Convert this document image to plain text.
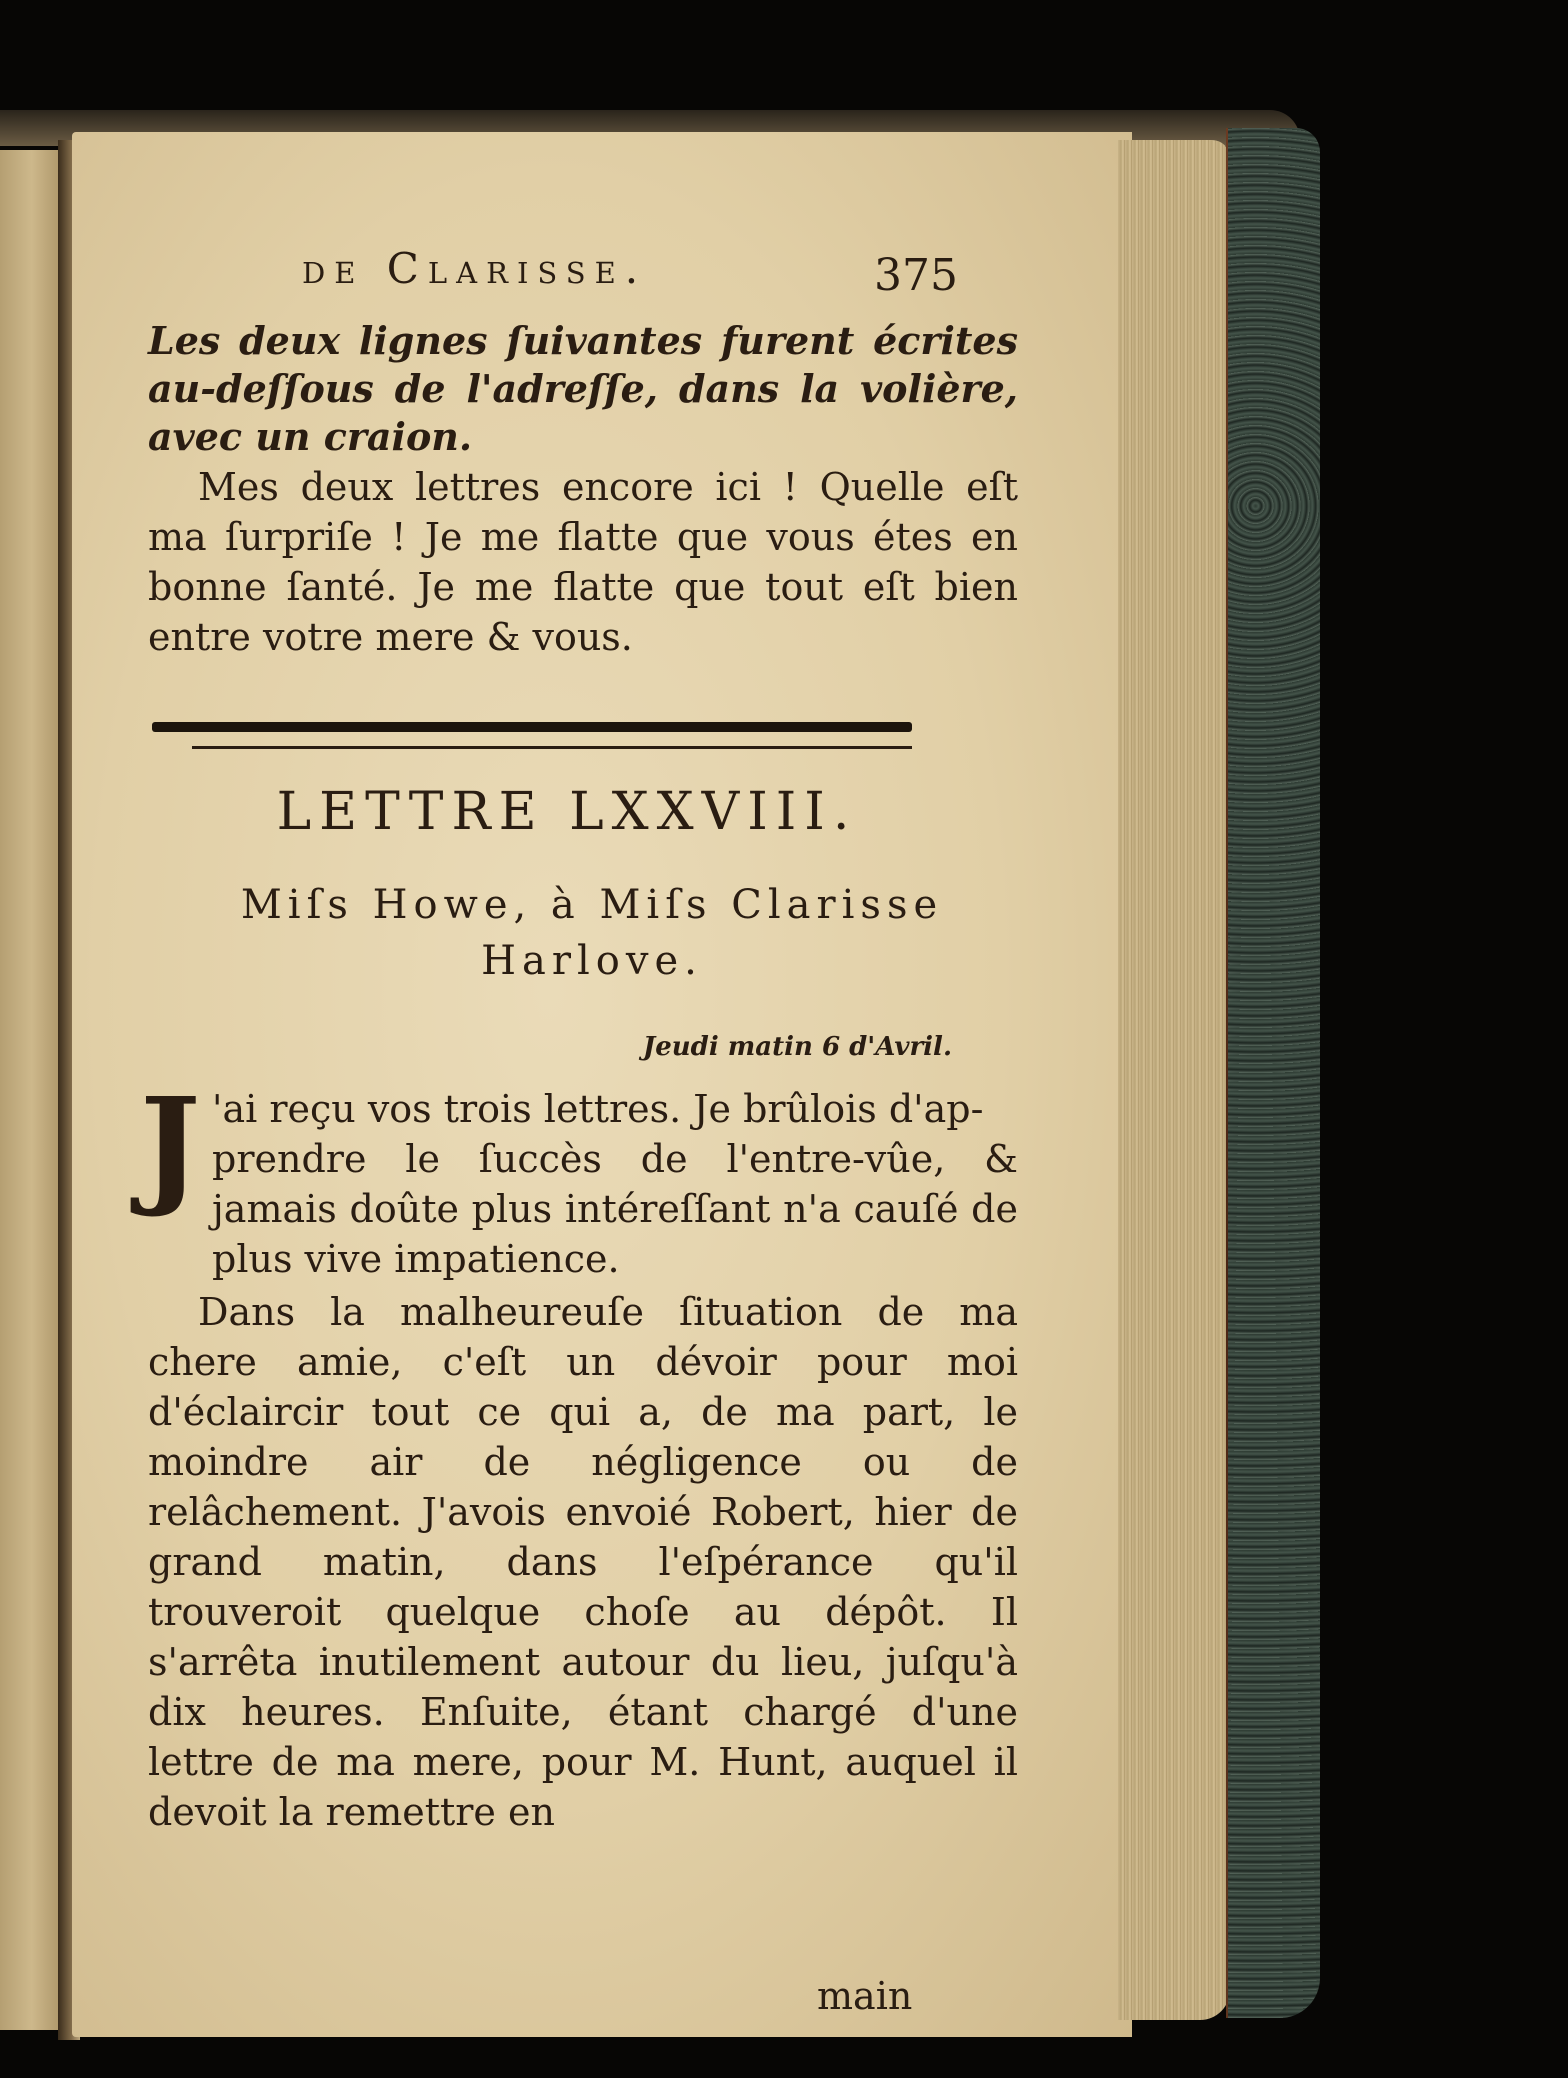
de Clarisse.	375
Les deux lignes ſuivantes furent écrites au-deſſous de l'adreſſe, dans la volière, avec un craion.
Mes deux lettres encore ici ! Quelle eſt ma ſurpriſe ! Je me flatte que vous étes en bonne ſanté. Je me flatte que tout eſt bien entre votre mere & vous.
LETTRE LXXVIII.
Miſs Howe, à Miſs Clarisse
Harlove.
Jeudi matin 6 d'Avril.
J 'ai reçu vos trois lettres. Je brûlois d'ap-
prendre le ſuccès de l'entre-vûe, & jamais doûte plus intéreſſant n'a cauſé de plus vive impatience.
Dans la malheureuſe ſituation de ma chere amie, c'eſt un dévoir pour moi d'éclaircir tout ce qui a, de ma part, le moindre air de négligence ou de relâchement. J'avois envoié Robert, hier de grand matin, dans l'eſpérance qu'il trouveroit quelque choſe au dépôt. Il s'arrêta inutilement autour du lieu, juſqu'à dix heures. Enſuite, étant chargé d'une lettre de ma mere, pour M. Hunt, auquel il devoit la remettre en
main
